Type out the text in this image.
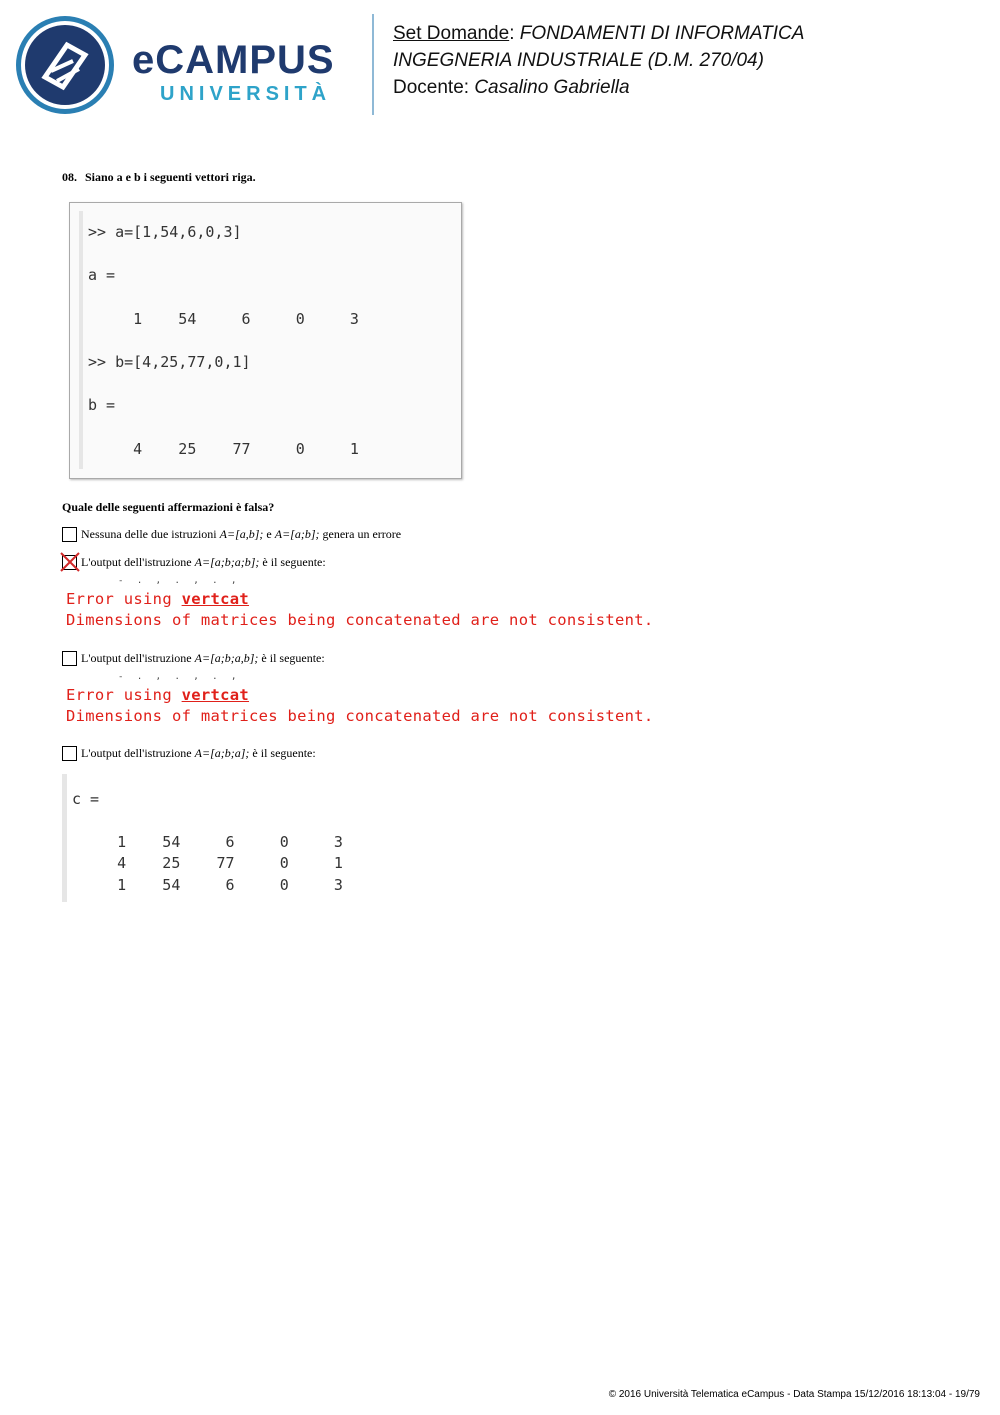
eCAMPUS
UNIVERSITÀ
Set Domande: FONDAMENTI DI INFORMATICA
INGEGNERIA INDUSTRIALE (D.M. 270/04)
Docente: Casalino Gabriella
08. Siano a e b i seguenti vettori riga.
>> a=[1,54,6,0,3]
a =
1    54     6     0     3
>> b=[4,25,77,0,1]
b =
4    25    77     0     1
Quale delle seguenti affermazioni è falsa?
Nessuna delle due istruzioni A=[a,b]; e A=[a;b]; genera un errore
L'output dell'istruzione A=[a;b;a;b]; è il seguente:
- . , . , . ,
Error using vertcat
Dimensions of matrices being concatenated are not consistent.
L'output dell'istruzione A=[a;b;a,b]; è il seguente:
- . , . , . ,
Error using vertcat
Dimensions of matrices being concatenated are not consistent.
L'output dell'istruzione A=[a;b;a]; è il seguente:
c =
1    54     6     0     3
4    25    77     0     1
1    54     6     0     3
© 2016 Università Telematica eCampus - Data Stampa 15/12/2016 18:13:04 - 19/79
